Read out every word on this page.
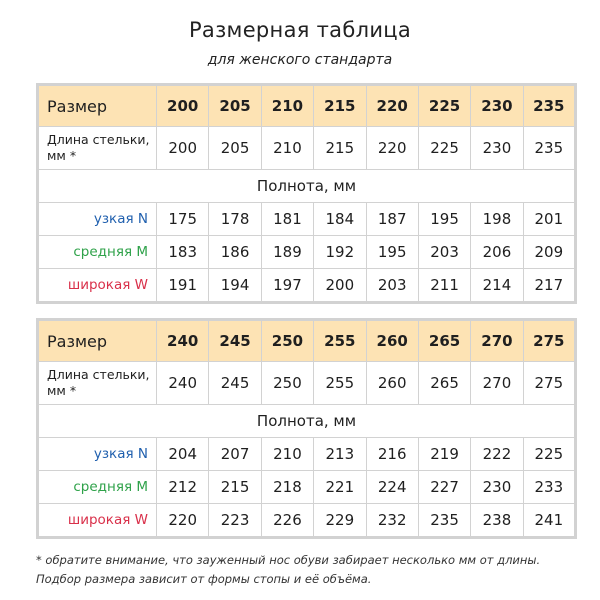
Размерная таблица
для женского стандарта
Размер	200	205	210	215	220	225	230	235
Длина стельки, мм *	200	205	210	215	220	225	230	235
Полнота, мм								
узкая N	175	178	181	184	187	195	198	201
средняя M	183	186	189	192	195	203	206	209
широкая W	191	194	197	200	203	211	214	217
Размер	240	245	250	255	260	265	270	275
Длина стельки, мм *	240	245	250	255	260	265	270	275
Полнота, мм								
узкая N	204	207	210	213	216	219	222	225
средняя M	212	215	218	221	224	227	230	233
широкая W	220	223	226	229	232	235	238	241
* обратите внимание, что зауженный нос обуви забирает несколько мм от длины. Подбор размера зависит от формы стопы и её объёма.
